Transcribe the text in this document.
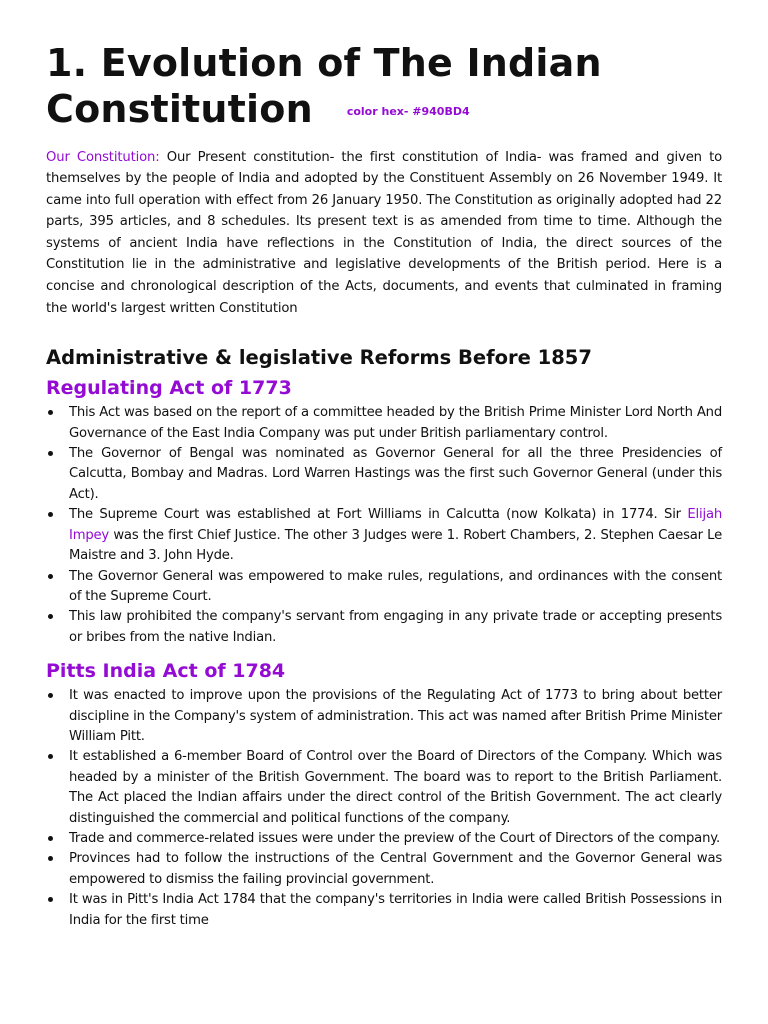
1. Evolution of The Indian
Constitution	color hex- #940BD4

Our Constitution: Our Present constitution- the first constitution of India- was framed and given to themselves by the people of India and adopted by the Constituent Assembly on 26 November 1949. It came into full operation with effect from 26 January 1950. The Constitution as originally adopted had 22 parts, 395 articles, and 8 schedules. Its present text is as amended from time to time. Although the systems of ancient India have reflections in the Constitution of India, the direct sources of the Constitution lie in the administrative and legislative developments of the British period. Here is a concise and chronological description of the Acts, documents, and events that culminated in framing the world's largest written Constitution

Administrative & legislative Reforms Before 1857
Regulating Act of 1773
This Act was based on the report of a committee headed by the British Prime Minister Lord North And Governance of the East India Company was put under British parliamentary control.
The Governor of Bengal was nominated as Governor General for all the three Presidencies of Calcutta, Bombay and Madras. Lord Warren Hastings was the first such Governor General (under this Act).
The Supreme Court was established at Fort Williams in Calcutta (now Kolkata) in 1774. Sir Elijah Impey was the first Chief Justice. The other 3 Judges were 1. Robert Chambers, 2. Stephen Caesar Le Maistre and 3. John Hyde.
The Governor General was empowered to make rules, regulations, and ordinances with the consent of the Supreme Court.
This law prohibited the company's servant from engaging in any private trade or accepting presents or bribes from the native Indian.
Pitts India Act of 1784
It was enacted to improve upon the provisions of the Regulating Act of 1773 to bring about better discipline in the Company's system of administration. This act was named after British Prime Minister William Pitt.
It established a 6-member Board of Control over the Board of Directors of the Company. Which was headed by a minister of the British Government. The board was to report to the British Parliament. The Act placed the Indian affairs under the direct control of the British Government. The act clearly distinguished the commercial and political functions of the company.
Trade and commerce-related issues were under the preview of the Court of Directors of the company.
Provinces had to follow the instructions of the Central Government and the Governor General was empowered to dismiss the failing provincial government.
It was in Pitt's India Act 1784 that the company's territories in India were called British Possessions in India for the first time
